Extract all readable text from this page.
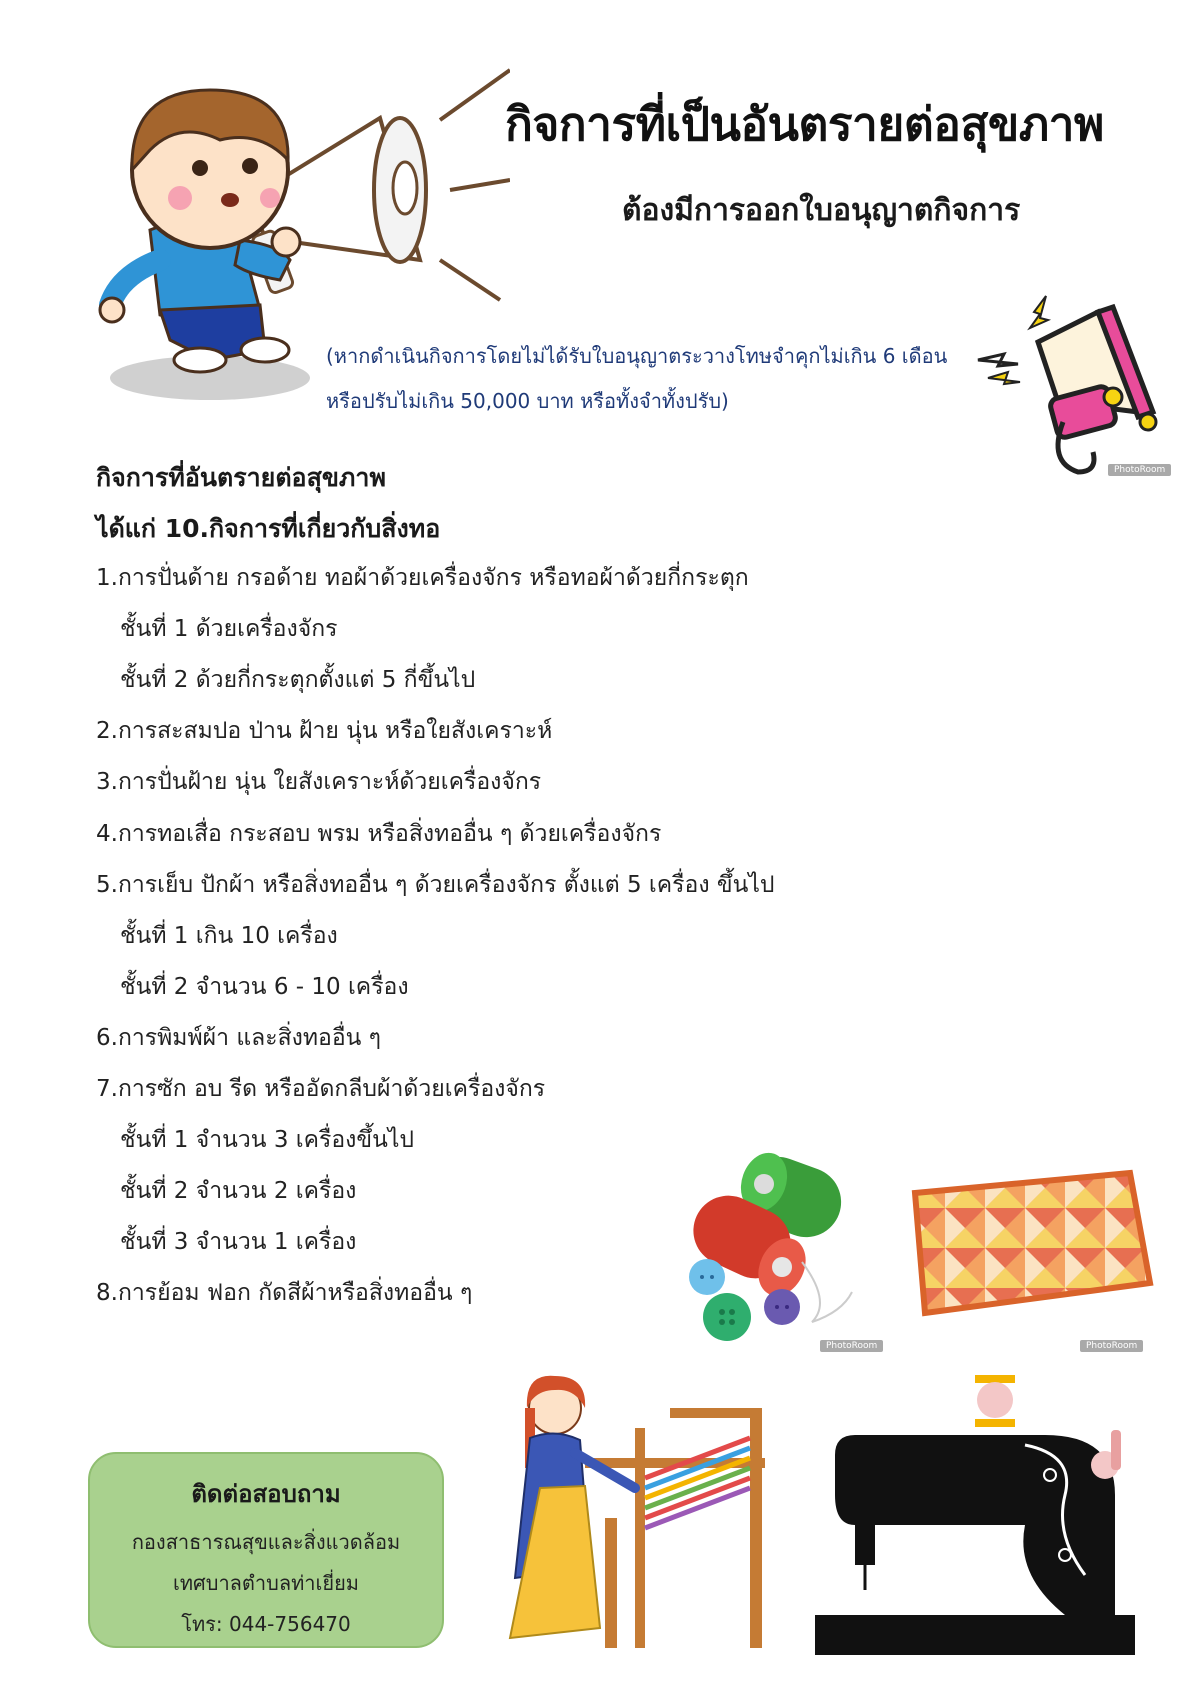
PhotoRoom
กิจการที่เป็นอันตรายต่อสุขภาพ
ต้องมีการออกใบอนุญาตกิจการ
(หากดำเนินกิจการโดยไม่ได้รับใบอนุญาตระวางโทษจำคุกไม่เกิน 6 เดือน
หรือปรับไม่เกิน 50,000 บาท หรือทั้งจำทั้งปรับ)
กิจการที่อันตรายต่อสุขภาพ
ได้แก่ 10.กิจการที่เกี่ยวกับสิ่งทอ
1.การปั่นด้าย กรอด้าย ทอผ้าด้วยเครื่องจักร หรือทอผ้าด้วยกี่กระตุก
ชั้นที่ 1 ด้วยเครื่องจักร
ชั้นที่ 2 ด้วยกี่กระตุกตั้งแต่ 5 กี่ขึ้นไป
2.การสะสมปอ ป่าน ฝ้าย นุ่น หรือใยสังเคราะห์
3.การปั่นฝ้าย นุ่น ใยสังเคราะห์ด้วยเครื่องจักร
4.การทอเสื่อ กระสอบ พรม หรือสิ่งทออื่น ๆ ด้วยเครื่องจักร
5.การเย็บ ปักผ้า หรือสิ่งทออื่น ๆ ด้วยเครื่องจักร ตั้งแต่ 5 เครื่อง ขึ้นไป
ชั้นที่ 1 เกิน 10 เครื่อง
ชั้นที่ 2 จำนวน 6 - 10 เครื่อง
6.การพิมพ์ผ้า และสิ่งทออื่น ๆ
7.การซัก อบ รีด หรืออัดกลีบผ้าด้วยเครื่องจักร
ชั้นที่ 1 จำนวน 3 เครื่องขึ้นไป
ชั้นที่ 2 จำนวน 2 เครื่อง
ชั้นที่ 3 จำนวน 1 เครื่อง
8.การย้อม ฟอก กัดสีผ้าหรือสิ่งทออื่น ๆ
PhotoRoom	PhotoRoom
ติดต่อสอบถาม
กองสาธารณสุขและสิ่งแวดล้อม
เทศบาลตำบลท่าเยี่ยม
โทร: 044-756470
